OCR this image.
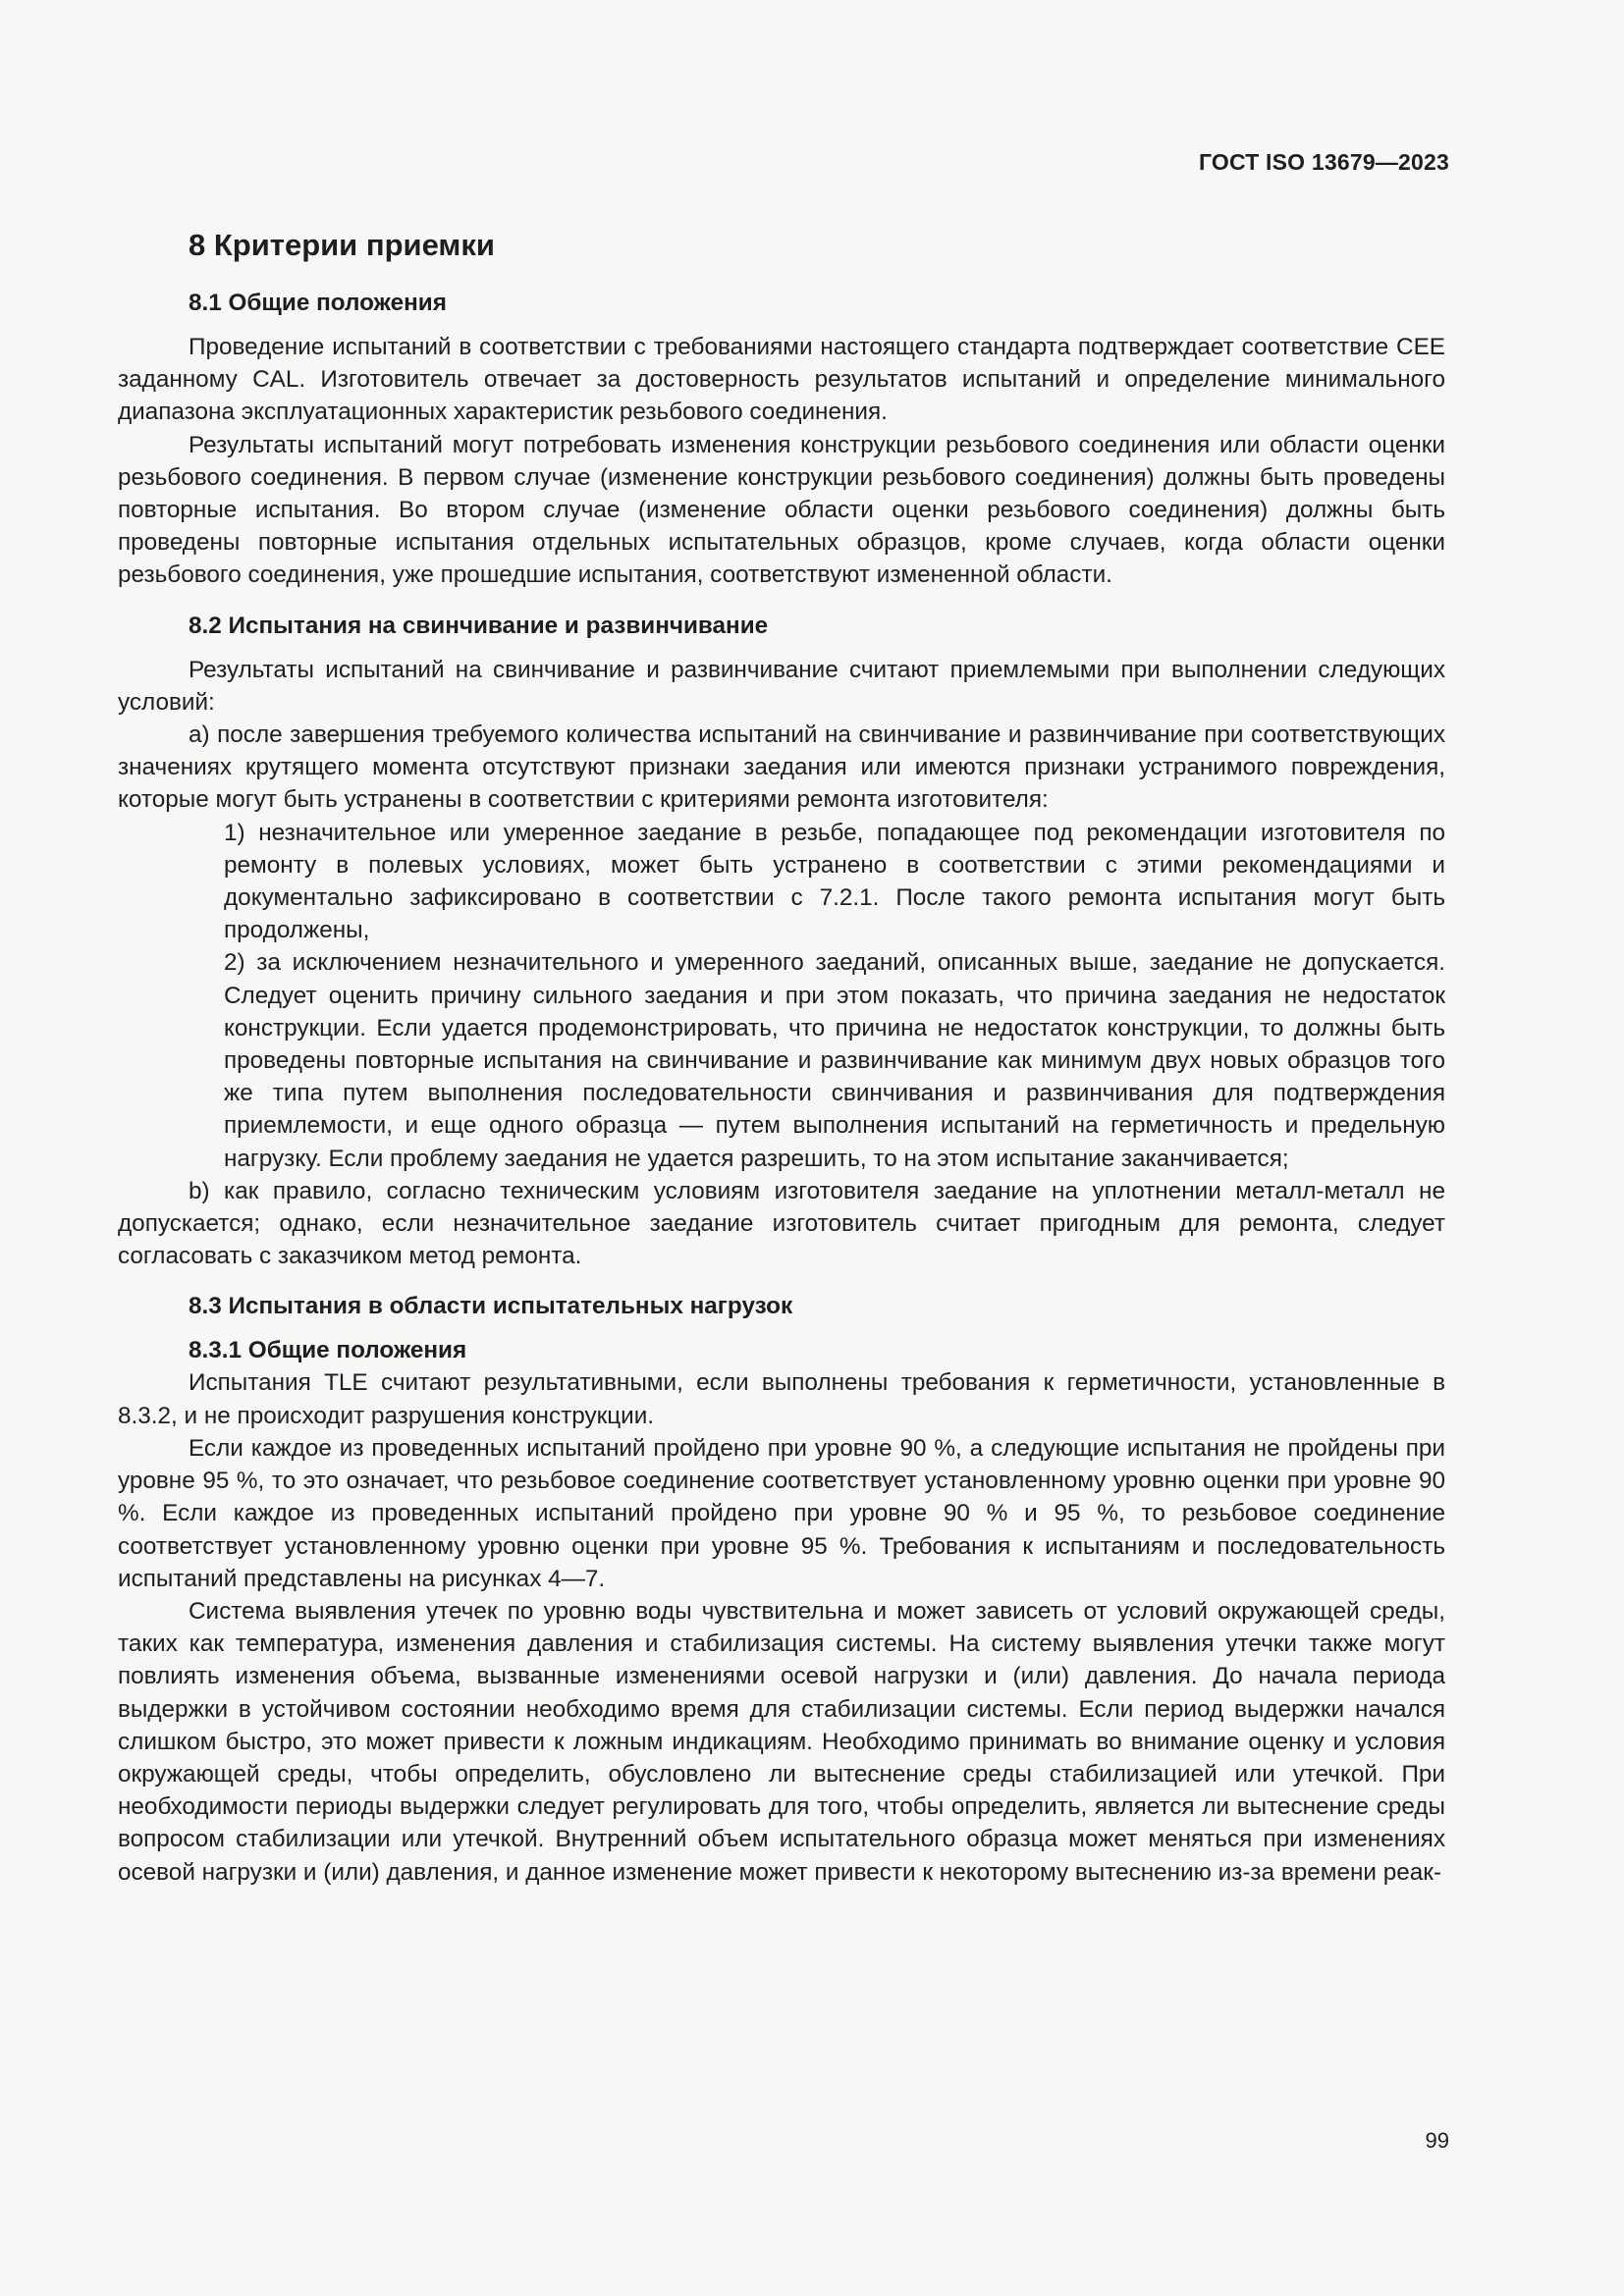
ГОСТ ISO 13679—2023
8 Критерии приемки
8.1 Общие положения

Проведение испытаний в соответствии с требованиями настоящего стандарта подтверждает соответствие СЕЕ заданному CAL. Изготовитель отвечает за достоверность результатов испытаний и определение минимального диапазона эксплуатационных характеристик резьбового соединения.

Результаты испытаний могут потребовать изменения конструкции резьбового соединения или области оценки резьбового соединения. В первом случае (изменение конструкции резьбового соединения) должны быть проведены повторные испытания. Во втором случае (изменение области оценки резьбового соединения) должны быть проведены повторные испытания отдельных испытательных образцов, кроме случаев, когда области оценки резьбового соединения, уже прошедшие испытания, соответствуют измененной области.

8.2 Испытания на свинчивание и развинчивание

Результаты испытаний на свинчивание и развинчивание считают приемлемыми при выполнении следующих условий:

а) после завершения требуемого количества испытаний на свинчивание и развинчивание при соответствующих значениях крутящего момента отсутствуют признаки заедания или имеются признаки устранимого повреждения, которые могут быть устранены в соответствии с критериями ремонта изготовителя:

1) незначительное или умеренное заедание в резьбе, попадающее под рекомендации изготовителя по ремонту в полевых условиях, может быть устранено в соответствии с этими рекомендациями и документально зафиксировано в соответствии с 7.2.1. После такого ремонта испытания могут быть продолжены,

2) за исключением незначительного и умеренного заеданий, описанных выше, заедание не допускается. Следует оценить причину сильного заедания и при этом показать, что причина заедания не недостаток конструкции. Если удается продемонстрировать, что причина не недостаток конструкции, то должны быть проведены повторные испытания на свинчивание и развинчивание как минимум двух новых образцов того же типа путем выполнения последовательности свинчивания и развинчивания для подтверждения приемлемости, и еще одного образца — путем выполнения испытаний на герметичность и предельную нагрузку. Если проблему заедания не удается разрешить, то на этом испытание заканчивается;

b) как правило, согласно техническим условиям изготовителя заедание на уплотнении металл-металл не допускается; однако, если незначительное заедание изготовитель считает пригодным для ремонта, следует согласовать с заказчиком метод ремонта.

8.3 Испытания в области испытательных нагрузок
8.3.1 Общие положения

Испытания TLE считают результативными, если выполнены требования к герметичности, установленные в 8.3.2, и не происходит разрушения конструкции.

Если каждое из проведенных испытаний пройдено при уровне 90 %, а следующие испытания не пройдены при уровне 95 %, то это означает, что резьбовое соединение соответствует установленному уровню оценки при уровне 90 %. Если каждое из проведенных испытаний пройдено при уровне 90 % и 95 %, то резьбовое соединение соответствует установленному уровню оценки при уровне 95 %. Требования к испытаниям и последовательность испытаний представлены на рисунках 4—7.

Система выявления утечек по уровню воды чувствительна и может зависеть от условий окружающей среды, таких как температура, изменения давления и стабилизация системы. На систему выявления утечки также могут повлиять изменения объема, вызванные изменениями осевой нагрузки и (или) давления. До начала периода выдержки в устойчивом состоянии необходимо время для стабилизации системы. Если период выдержки начался слишком быстро, это может привести к ложным индикациям. Необходимо принимать во внимание оценку и условия окружающей среды, чтобы определить, обусловлено ли вытеснение среды стабилизацией или утечкой. При необходимости периоды выдержки следует регулировать для того, чтобы определить, является ли вытеснение среды вопросом стабилизации или утечкой. Внутренний объем испытательного образца может меняться при изменениях осевой нагрузки и (или) давления, и данное изменение может привести к некоторому вытеснению из-за времени реак-

99
